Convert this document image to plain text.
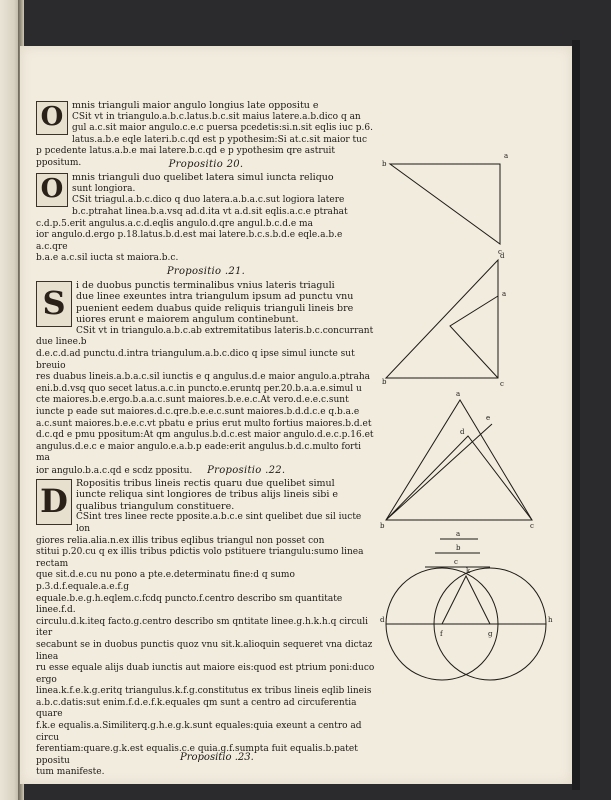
O mnis trianguli maior angulo longius late oppositu e
CSit vt in triangulo.a.b.c.latus.b.c.sit maius latere.a.b.dico q an
gul a.c.sit maior angulo.c.e.c puersa pcedetis:si.n.sit eqlis iuc p.6.
latus.a.b.e eqle lateri.b.c.qd est p ypothesim:Si at.c.sit maior tuc
p pcedente latus.a.b.e mai latere.b.c.qd e p ypothesim qre astruit
ppositum.	Propositio 20.
O mnis trianguli duo quelibet latera simul iuncta reliquo
sunt longiora.
CSit triagul.a.b.c.dico q duo latera.a.b.a.c.sut logiora latere
b.c.ptrahat linea.b.a.vsq ad.d.ita vt a.d.sit eqlis.a.c.e ptrahat
c.d.p.5.erit angulus.a.c.d.eqlis angulo.d.qre angul.b.c.d.e ma
ior angulo.d.ergo p.18.latus.b.d.est mai latere.b.c.s.b.d.e eqle.a.b.e a.c.qre
b.a.e a.c.sil iucta st maiora.b.c.
Propositio .21.
S	i de duobus punctis terminalibus vnius lateris triaguli
due linee exeuntes intra triangulum ipsum ad punctu vnu
puenient eedem duabus quide reliquis trianguli lineis bre
uiores erunt e maiorem angulum continebunt.
CSit vt in triangulo.a.b.c.ab extremitatibus lateris.b.c.concurrant due linee.b
d.e.c.d.ad punctu.d.intra triangulum.a.b.c.dico q ipse simul iuncte sut breuio
res duabus lineis.a.b.a.c.sil iunctis e q angulus.d.e maior angulo.a.ptraha
eni.b.d.vsq quo secet latus.a.c.in puncto.e.eruntq per.20.b.a.a.e.simul u
cte maiores.b.e.ergo.b.a.a.c.sunt maiores.b.e.e.c.At vero.d.e.e.c.sunt
iuncte p eade sut maiores.d.c.qre.b.e.e.c.sunt maiores.b.d.d.c.e q.b.a.e
a.c.sunt maiores.b.e.e.c.vt pbatu e prius erut multo fortius maiores.b.d.et
d.c.qd e pmu ppositum:At qm angulus.b.d.c.est maior angulo.d.e.c.p.16.et
angulus.d.e.c e maior angulo.e.a.b.p eade:erit angulus.b.d.c.multo forti ma
ior angulo.b.a.c.qd e scdz ppositu. Propositio .22.
D Ropositis tribus lineis rectis quaru due quelibet simul
iuncte reliqua sint longiores de tribus alijs lineis sibi e
qualibus triangulum constituere.
CSint tres linee recte pposite.a.b.c.e sint quelibet due sil iucte lon
giores relia.alia.n.ex illis tribus eqlibus triangul non posset con
stitui p.20.cu q ex illis tribus pdictis volo pstituere triangulu:sumo linea rectam
que sit.d.e.cu nu pono a pte.e.determinatu fine:d q sumo p.3.d.f.equale.a.e.f.g
equale.b.e.g.h.eqlem.c.fcdq puncto.f.centro describo sm quantitate linee.f.d.
circulu.d.k.iteq facto.g.centro describo sm qntitate linee.g.h.k.h.q circuli iter
secabunt se in duobus punctis quoz vnu sit.k.alioquin sequeret vna dictaz linea
ru esse equale alijs duab iunctis aut maiore eis:quod est ptrium poni:duco ergo
linea.k.f.e.k.g.eritq triangulus.k.f.g.constitutus ex tribus lineis eqlib lineis
a.b.c.datis:sut enim.f.d.e.f.k.equales qm sunt a centro ad circuferentia quare
f.k.e equalis.a.Similiterq.g.h.e.g.k.sunt equales:quia exeunt a centro ad circu
ferentiam:quare.g.k.est equalis.c.e quia.g.f.sumpta fuit equalis.b.patet ppositu
tum manifeste.
Propositio .23.
a
b
c
d
a
b	c
a
e
d
b	c
a
b
c
k
d
f	g
h
